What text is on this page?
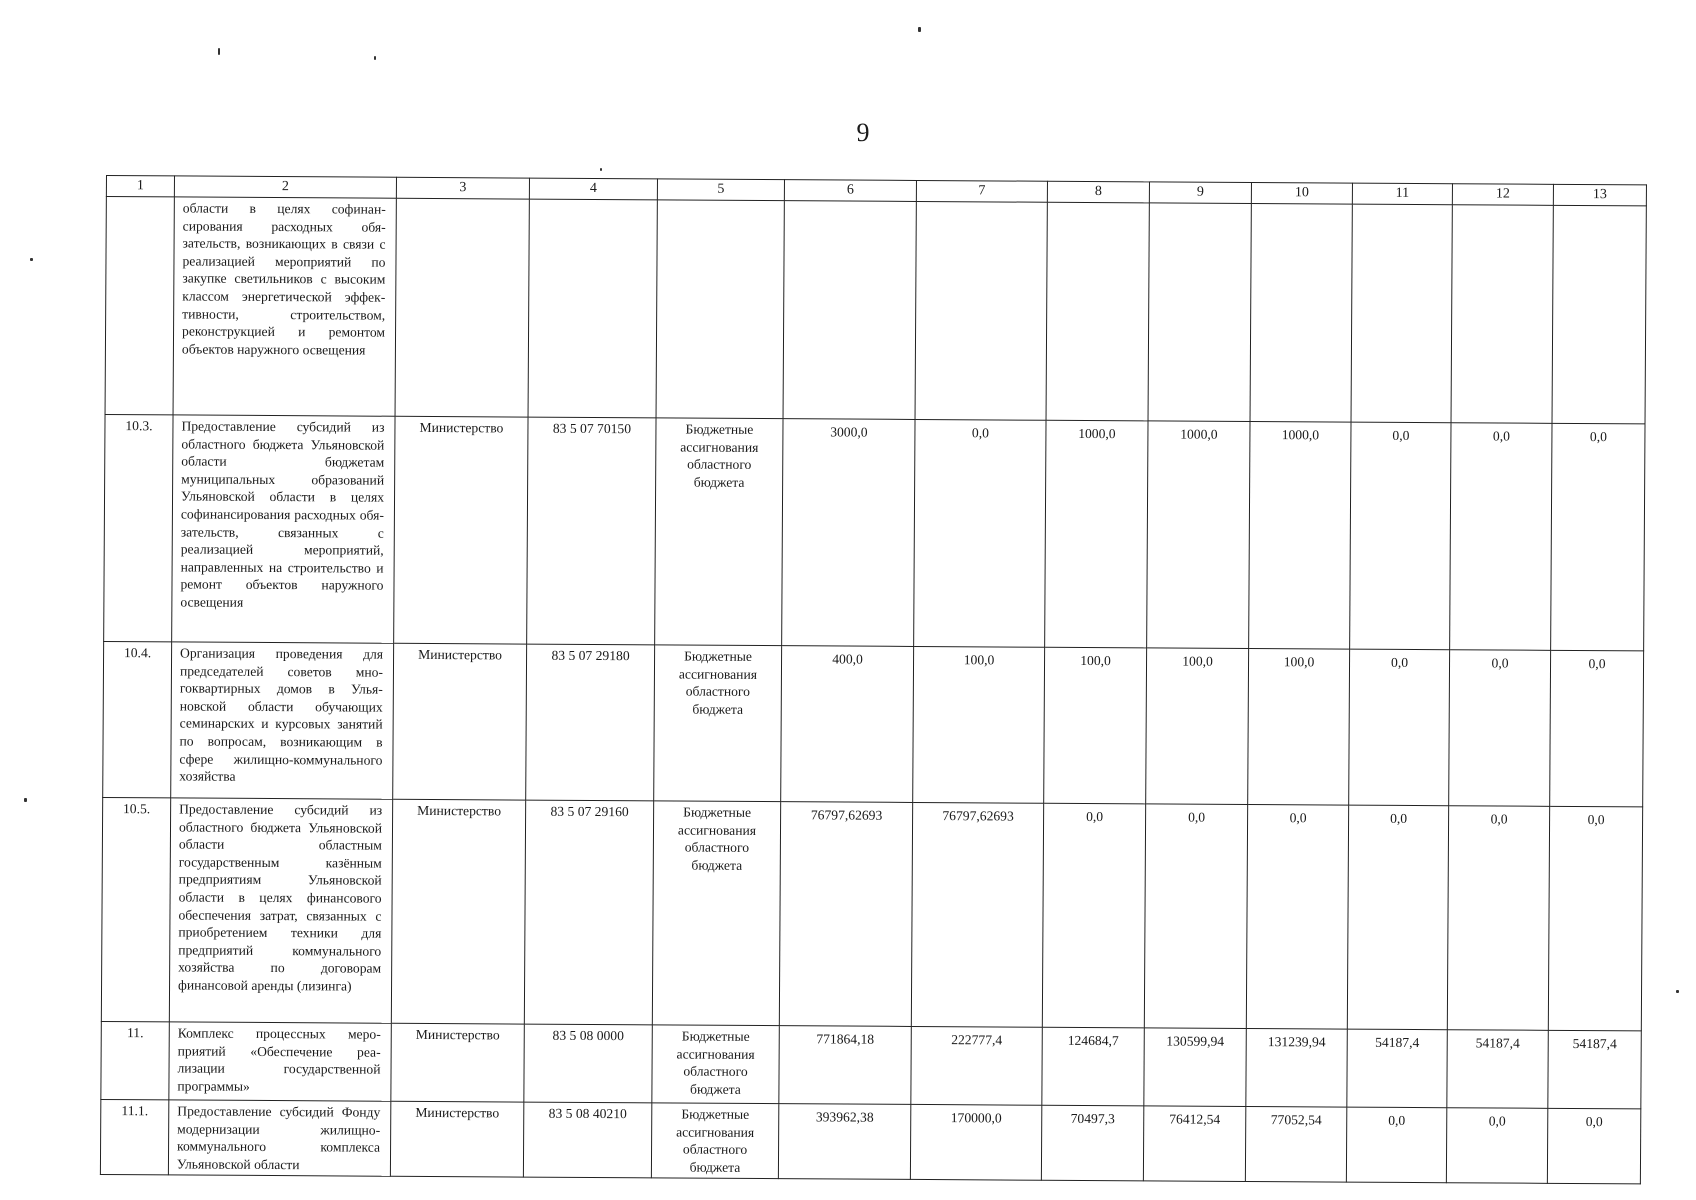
9
1	2	3	4	5	6	7	8	9	10	11	12	13
	области в целях софинансирования расходных обязательств, возникающих в связи с реализацией мероприятий по закупке светильников с высоким классом энергетической эффективности, строительством, реконструкцией и ремонтом объектов наружного освещения											
10.3.	Предоставление субсидий из областного бюджета Ульяновской области бюджетам муниципальных образований Ульяновской области в целях софинансирования расходных обязательств, связанных с реализацией мероприятий, направленных на строительство и ремонт объектов наружного освещения	Министерство	83 5 07 70150	Бюджетные ассигнования областного бюджета	3000,0	0,0	1000,0	1000,0	1000,0	0,0	0,0	0,0
10.4.	Организация проведения для председателей советов многоквартирных домов в Ульяновской области обучающих семинарских и курсовых занятий по вопросам, возникающим в сфере жилищно-коммунального хозяйства	Министерство	83 5 07 29180	Бюджетные ассигнования областного бюджета	400,0	100,0	100,0	100,0	100,0	0,0	0,0	0,0
10.5.	Предоставление субсидий из областного бюджета Ульяновской области областным государственным казённым предприятиям Ульяновской области в целях финансового обеспечения затрат, связанных с приобретением техники для предприятий коммунального хозяйства по договорам финансовой аренды (лизинга)	Министерство	83 5 07 29160	Бюджетные ассигнования областного бюджета	76797,62693	76797,62693	0,0	0,0	0,0	0,0	0,0	0,0
11.	Комплекс процессных мероприятий «Обеспечение реализации государственной программы»	Министерство	83 5 08 0000	Бюджетные ассигнования областного бюджета	771864,18	222777,4	124684,7	130599,94	131239,94	54187,4	54187,4	54187,4
11.1.	Предоставление субсидий Фонду модернизации жилищно-коммунального комплекса Ульяновской области	Министерство	83 5 08 40210	Бюджетные ассигнования областного бюджета	393962,38	170000,0	70497,3	76412,54	77052,54	0,0	0,0	0,0
